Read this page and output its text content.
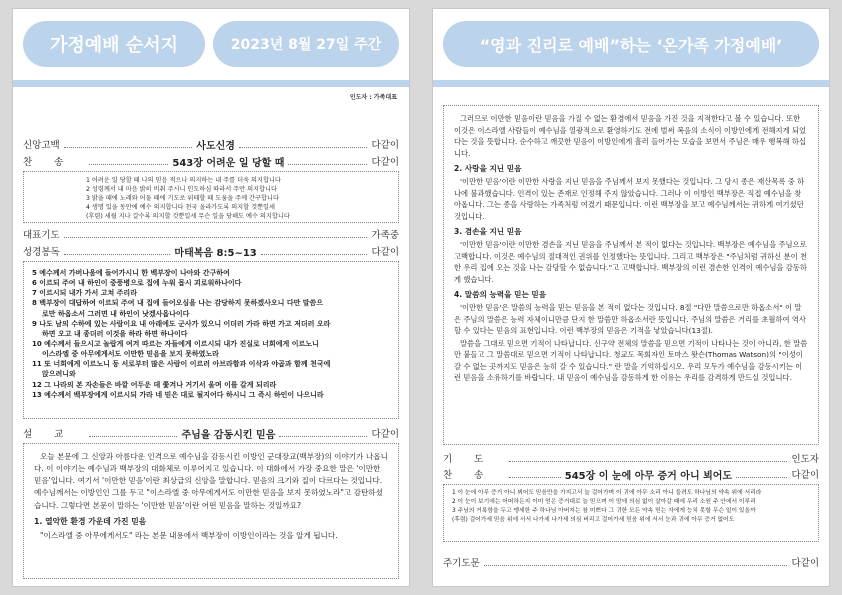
가정예배 순서지	2023년 8월 27일 주간
인도자 : 가족대표
신앙고백	사도신경	다같이
찬송	543장 어려운 일 당할 때	다같이
1 어려운 일 당할 때 나의 믿음 적으나 의지하는 내 주를 더욱 의지합니다
2 성령께서 내 마음 밝히 비춰 주시니 인도하심 따라서 주만 의지합니다
3 밝을 때에 노래와 어둘 때에 기도로 위태할 때 도움을 주께 간구합니다
4 생명 있을 동안에 예수 의지합니다 천국 올라가도록 의지할 것뿐일세
(후렴) 세월 지나 갈수록 의지할 것뿐일세 무슨 일을 당해도 예수 의지합니다
대표기도	가족중
성경봉독	마태복음 8:5~13	다같이

5 예수께서 가버나움에 들어가시니 한 백부장이 나아와 간구하여

6 이르되 주여 내 하인이 중풍병으로 집에 누워 몹시 괴로워하나이다

7 이르시되 내가 가서 고쳐 주리라

8 백부장이 대답하여 이르되 주여 내 집에 들어오심을 나는 감당하지 못하겠사오니 다만 말씀으

로만 하옵소서 그러면 내 하인이 낫겠사옵나이다

9 나도 남의 수하에 있는 사람이요 내 아래에도 군사가 있으니 이더러 가라 하면 가고 저더러 오라

하면 오고 내 종더러 이것을 하라 하면 하나이다

10 예수께서 들으시고 놀랍게 여겨 따르는 자들에게 이르시되 내가 진실로 너희에게 이르노니

이스라엘 중 아무에게서도 이만한 믿음을 보지 못하였노라

11 또 너희에게 이르노니 동 서로부터 많은 사람이 이르러 아브라함과 이삭과 야곱과 함께 천국에

앉으려니와

12 그 나라의 본 자손들은 바깥 어두운 데 쫓겨나 거기서 울며 이를 갈게 되리라

13 예수께서 백부장에게 이르시되 가라 네 믿은 대로 될지어다 하시니 그 즉시 하인이 나으니라

설교	주님을 감동시킨 믿음	다같이

오늘 본문에 그 신앙과 아름다운 인격으로 예수님을 감동시킨 이방인 군대장교(백부장)의 이야기가 나옵니다. 이 이야기는 예수님과 백부장의 대화체로 이루어지고 있습니다. 이 대화에서 가장 중요한 말은 '이만한 믿음'입니다. 여기서 '이만한 믿음'이란 최상급의 신앙을 말합니다. 믿음의 크기와 질이 다르다는 것입니다. 예수님께서는 이방인인 그를 두고 "이스라엘 중 아무에게서도 이만한 믿음을 보지 못하였노라"고 감탄하셨습니다. 그렇다면 본문이 말하는 '이만한 믿음'이란 어떤 믿음을 말하는 것일까요?

1. 열악한 환경 가운데 가진 믿음

"이스라엘 중 아무에게서도" 라는 본문 내용에서 백부장이 이방인이라는 것을 알게 됩니다.

“영과 진리로 예배”하는 ‘온가족 가정예배’

그러므로 이만한 믿음이란 믿음을 가질 수 없는 환경에서 믿음을 가진 것을 지적한다고 볼 수 있습니다. 또한 이것은 이스라엘 사람들이 예수님을 열광적으로 환영하기도 전에 벌써 복음의 소식이 이방인에게 전해지게 되었다는 것을 뜻합니다. 순수하고 깨끗한 믿음이 이방인에게 흘러 들어가는 모습을 보면서 주님은 매우 행복해 하십니다.

2. 사랑을 지닌 믿음

'이만한 믿음'이란 이만한 사랑을 지닌 믿음을 주님께서 보지 못했다는 것입니다. 그 당시 종은 재산목록 중 하나에 불과했습니다. 인격이 있는 존재로 인정해 주지 않았습니다. 그러나 이 이방인 백부장은 직접 예수님을 찾아옵니다. 그는 종을 사랑하는 가족처럼 여겼기 때문입니다. 이런 백부장을 보고 예수님께서는 귀하게 여기셨던 것입니다.

3. 겸손을 지닌 믿음

'이만한 믿음'이란 이만한 겸손을 지닌 믿음을 주님께서 본 적이 없다는 것입니다. 백부장은 예수님을 주님으로 고백합니다. 이것은 예수님의 절대적인 권위를 인정했다는 뜻입니다. 그리고 백부장은 "주님처럼 귀하신 분이 천한 우리 집에 오는 것을 나는 감당할 수 없습니다."고 고백합니다. 백부장의 이런 겸손한 인격이 예수님을 감동하게 했습니다.

4. 말씀의 능력을 믿는 믿음

'이만한 믿음'은 말씀의 능력을 믿는 믿음을 본 적이 없다는 것입니다. 8절 "다만 말씀으로만 하옵소서" 이 말은 주님의 말씀은 능력 자체이니만큼 단지 한 말씀만 하옵소서란 뜻입니다. 주님의 말씀은 거리를 초월하여 역사할 수 있다는 믿음의 표현입니다. 이런 백부장의 믿음은 기적을 낳았습니다(13절).

말씀을 그대로 믿으면 기적이 나타납니다. 신구약 전체의 말씀을 믿으면 기적이 나타나는 것이 아니라, 한 말씀만 붙들고 그 말씀대로 믿으면 기적이 나타납니다. 청교도 목회자인 토마스 왓슨(Thomas Watson)의 "이성이 갈 수 없는 곳까지도 믿음은 능히 갈 수 있습니다." 란 말을 기억하십시오. 우리 모두가 예수님을 감동시키는 이런 믿음을 소유하기를 바랍니다. 내 믿음이 예수님을 감동하게 한 이유는 우리를 감격하게 만드실 것입니다.

기도	인도자
찬송	545장 이 눈에 아무 증거 아니 뵈어도	다같이
1 이 눈에 아무 증거 아니 뵈어도 믿음만을 가지고서 늘 걸어가며 이 귀에 아무 소리 아니 들려도 하나님의 약속 위에 서리라
2 이 눈이 보기에는 어떠하든지 이미 얻은 증거대로 늘 믿으며 이 맘에 의심 없이 살아갈 때에 우리 소원 주 안에서 이루리
3 주님의 거룩함을 두고 맹세한 주 하나님 아버지는 참 미쁘다 그 귀한 모든 약속 믿는 자에게 능치 못할 무슨 일이 있을까
(후렴) 걸어가세 믿음 위에 서서 나가세 나가세 의심 버리고 걸어가세 믿음 위에 서서 눈과 귀에 아무 증거 없어도
주기도문	다같이
